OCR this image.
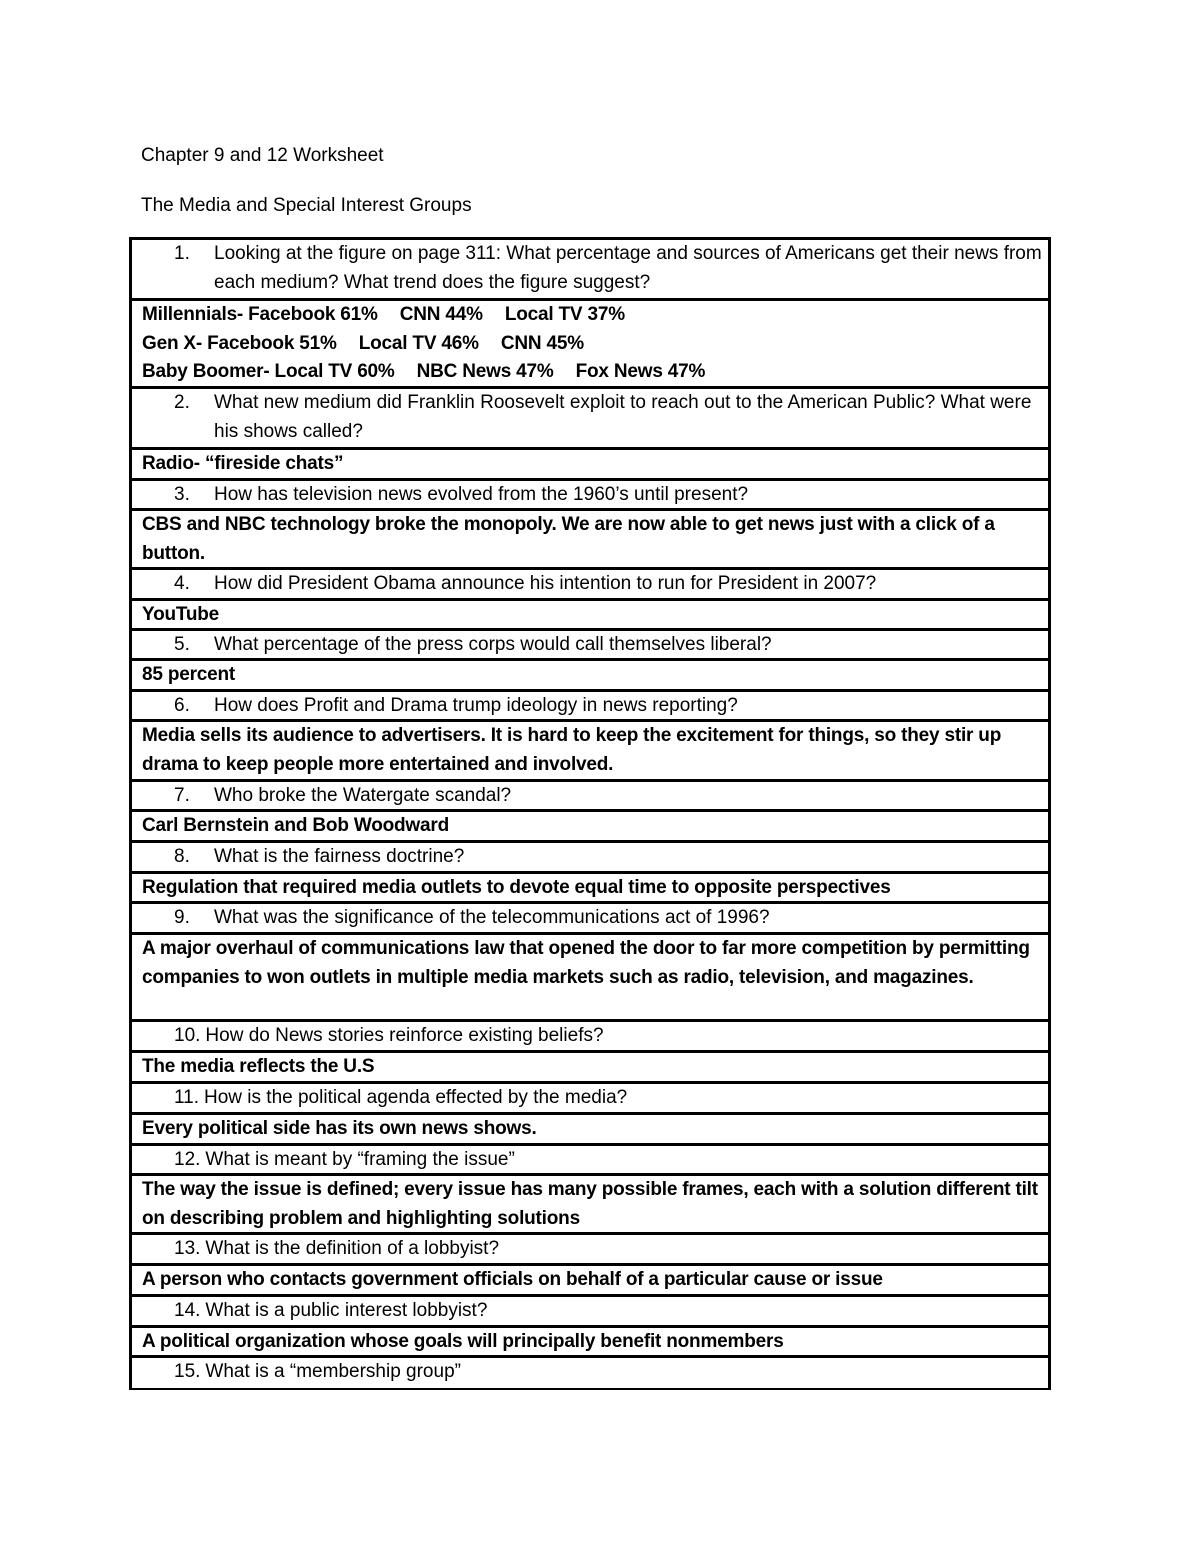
Chapter 9 and 12 Worksheet
The Media and Special Interest Groups
1.	Looking at the figure on page 311: What percentage and sources of Americans get their news from each medium? What trend does the figure suggest?
Millennials- Facebook 61% CNN 44% Local TV 37%
Gen X- Facebook 51% Local TV 46% CNN 45%
Baby Boomer- Local TV 60% NBC News 47% Fox News 47%
2.	What new medium did Franklin Roosevelt exploit to reach out to the American Public? What were his shows called?
Radio- “fireside chats”
3.	How has television news evolved from the 1960’s until present?
CBS and NBC technology broke the monopoly. We are now able to get news just with a click of a button.
4.	How did President Obama announce his intention to run for President in 2007?
YouTube
5.	What percentage of the press corps would call themselves liberal?
85 percent
6.	How does Profit and Drama trump ideology in news reporting?
Media sells its audience to advertisers. It is hard to keep the excitement for things, so they stir up drama to keep people more entertained and involved.
7.	Who broke the Watergate scandal?
Carl Bernstein and Bob Woodward
8.	What is the fairness doctrine?
Regulation that required media outlets to devote equal time to opposite perspectives
9.	What was the significance of the telecommunications act of 1996?
A major overhaul of communications law that opened the door to far more competition by permitting companies to won outlets in multiple media markets such as radio, television, and magazines.
10. How do News stories reinforce existing beliefs?
The media reflects the U.S
11. How is the political agenda effected by the media?
Every political side has its own news shows.
12. What is meant by “framing the issue”
The way the issue is defined; every issue has many possible frames, each with a solution different tilt on describing problem and highlighting solutions
13. What is the definition of a lobbyist?
A person who contacts government officials on behalf of a particular cause or issue
14. What is a public interest lobbyist?
A political organization whose goals will principally benefit nonmembers
15. What is a “membership group”
